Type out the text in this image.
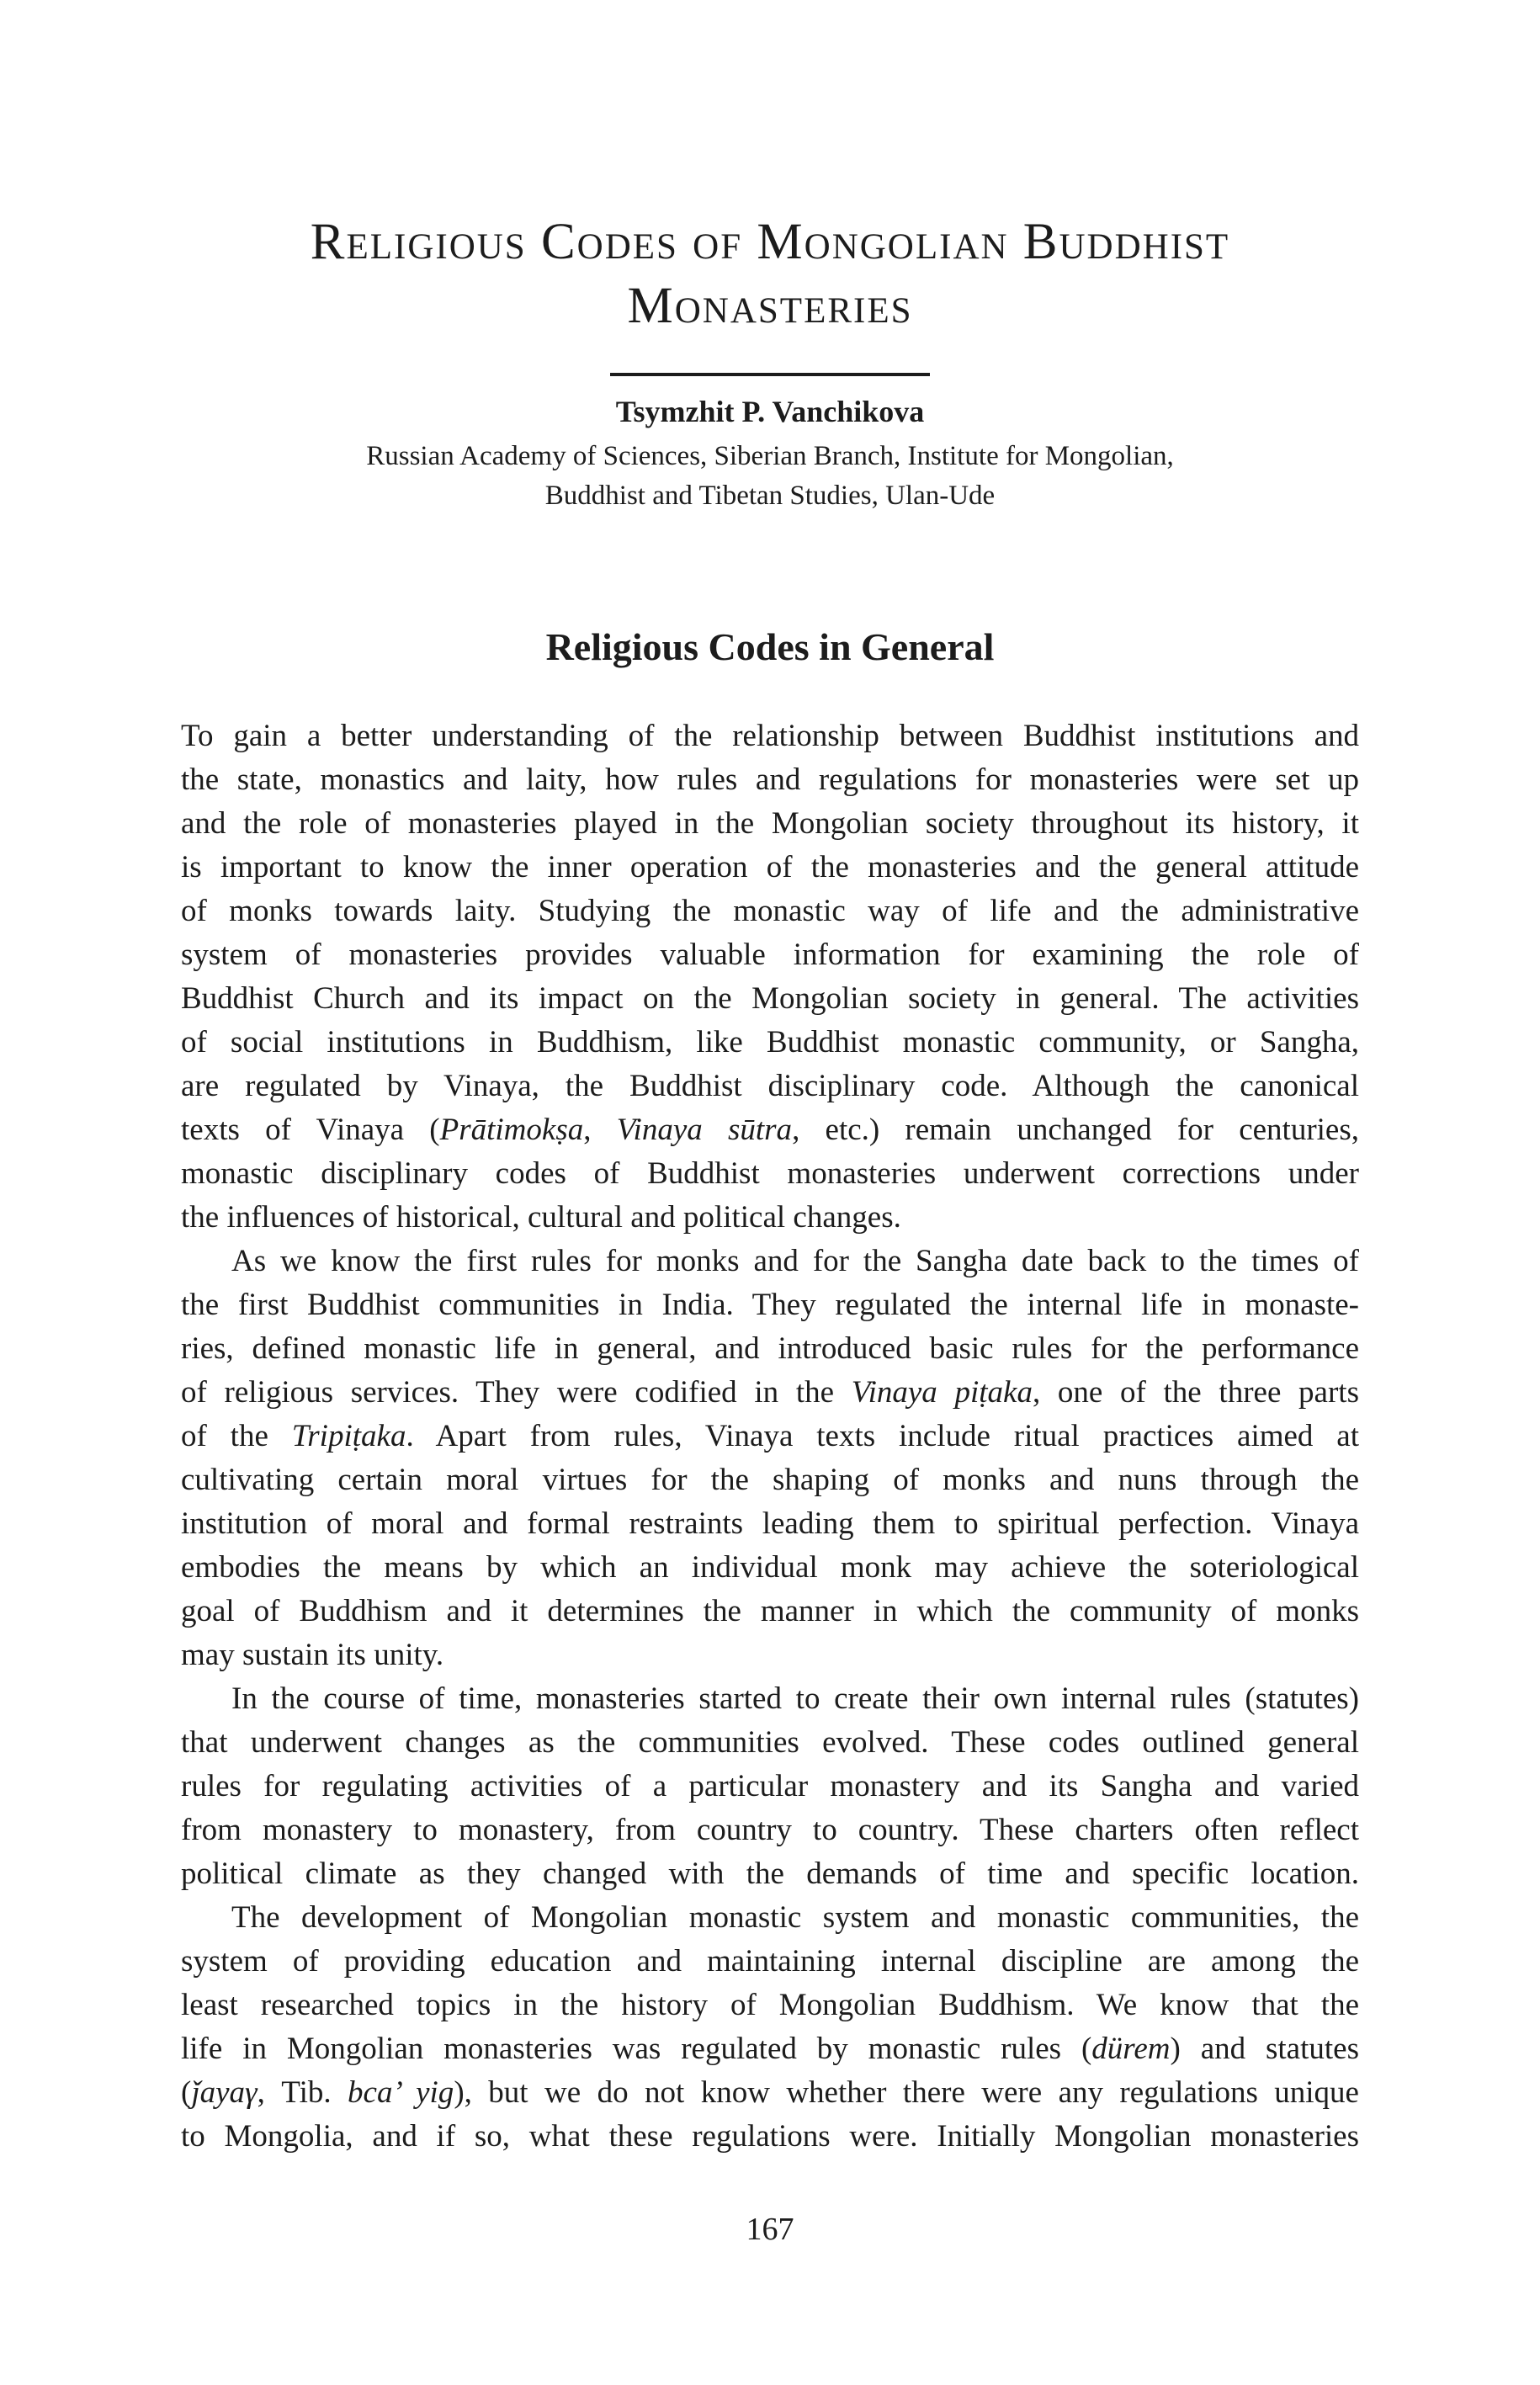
Religious Codes of Mongolian Buddhist
Monasteries
Tsymzhit P. Vanchikova
Russian Academy of Sciences, Siberian Branch, Institute for Mongolian,
Buddhist and Tibetan Studies, Ulan-Ude
Religious Codes in General
To gain a better understanding of the relationship between Buddhist institutions and
the state, monastics and laity, how rules and regulations for monasteries were set up
and the role of monasteries played in the Mongolian society throughout its history, it
is important to know the inner operation of the monasteries and the general attitude
of monks towards laity. Studying the monastic way of life and the administrative
system of monasteries provides valuable information for examining the role of
Buddhist Church and its impact on the Mongolian society in general. The activities
of social institutions in Buddhism, like Buddhist monastic community, or Sangha,
are regulated by Vinaya, the Buddhist disciplinary code. Although the canonical
texts of Vinaya (Prātimokṣa, Vinaya sūtra, etc.) remain unchanged for centuries,
monastic disciplinary codes of Buddhist monasteries underwent corrections under
the influences of historical, cultural and political changes.
As we know the first rules for monks and for the Sangha date back to the times of
the first Buddhist communities in India. They regulated the internal life in monaste-
ries, defined monastic life in general, and introduced basic rules for the performance
of religious services. They were codified in the Vinaya piṭaka, one of the three parts
of the Tripiṭaka. Apart from rules, Vinaya texts include ritual practices aimed at
cultivating certain moral virtues for the shaping of monks and nuns through the
institution of moral and formal restraints leading them to spiritual perfection. Vinaya
embodies the means by which an individual monk may achieve the soteriological
goal of Buddhism and it determines the manner in which the community of monks
may sustain its unity.
In the course of time, monasteries started to create their own internal rules (statutes)
that underwent changes as the communities evolved. These codes outlined general
rules for regulating activities of a particular monastery and its Sangha and varied
from monastery to monastery, from country to country. These charters often reflect
political climate as they changed with the demands of time and specific location.
The development of Mongolian monastic system and monastic communities, the
system of providing education and maintaining internal discipline are among the
least researched topics in the history of Mongolian Buddhism. We know that the
life in Mongolian monasteries was regulated by monastic rules (dürem) and statutes
(ǰayaγ, Tib. bca’ yig), but we do not know whether there were any regulations unique
to Mongolia, and if so, what these regulations were. Initially Mongolian monasteries
167
